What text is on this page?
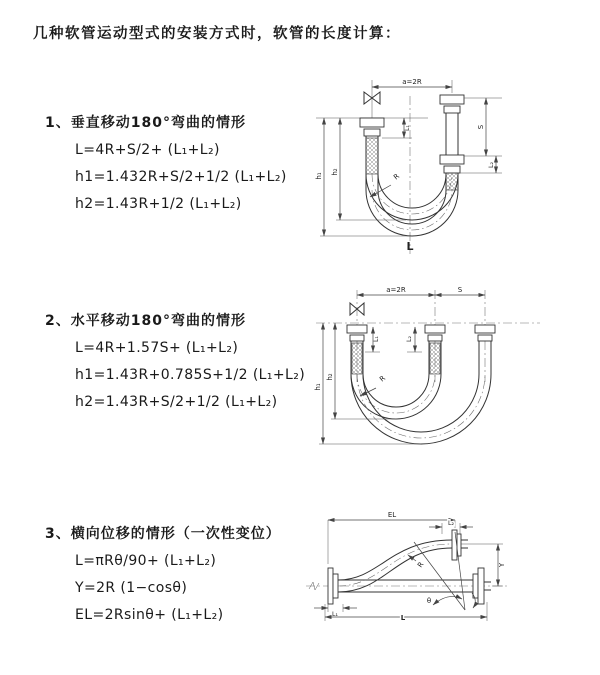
几种软管运动型式的安装方式时，软管的长度计算：
1、垂直移动180°弯曲的情形
L=4R+S/2+ (L₁+L₂)
h1=1.432R+S/2+1/2 (L₁+L₂)
h2=1.43R+1/2 (L₁+L₂)
2、水平移动180°弯曲的情形
L=4R+1.57S+ (L₁+L₂)
h1=1.43R+0.785S+1/2 (L₁+L₂)
h2=1.43R+S/2+1/2 (L₁+L₂)
3、横向位移的情形（一次性变位）
L=πRθ/90+ (L₁+L₂)
Y=2R (1−cosθ)
EL=2Rsinθ+ (L₁+L₂)
a=2R
h₁
h₂
L₁	S
L₂
R
L
a=2R	S
h₁
h₂
L₁	L₂
R
EL
L₂
Y
θ
R
L₁	L
